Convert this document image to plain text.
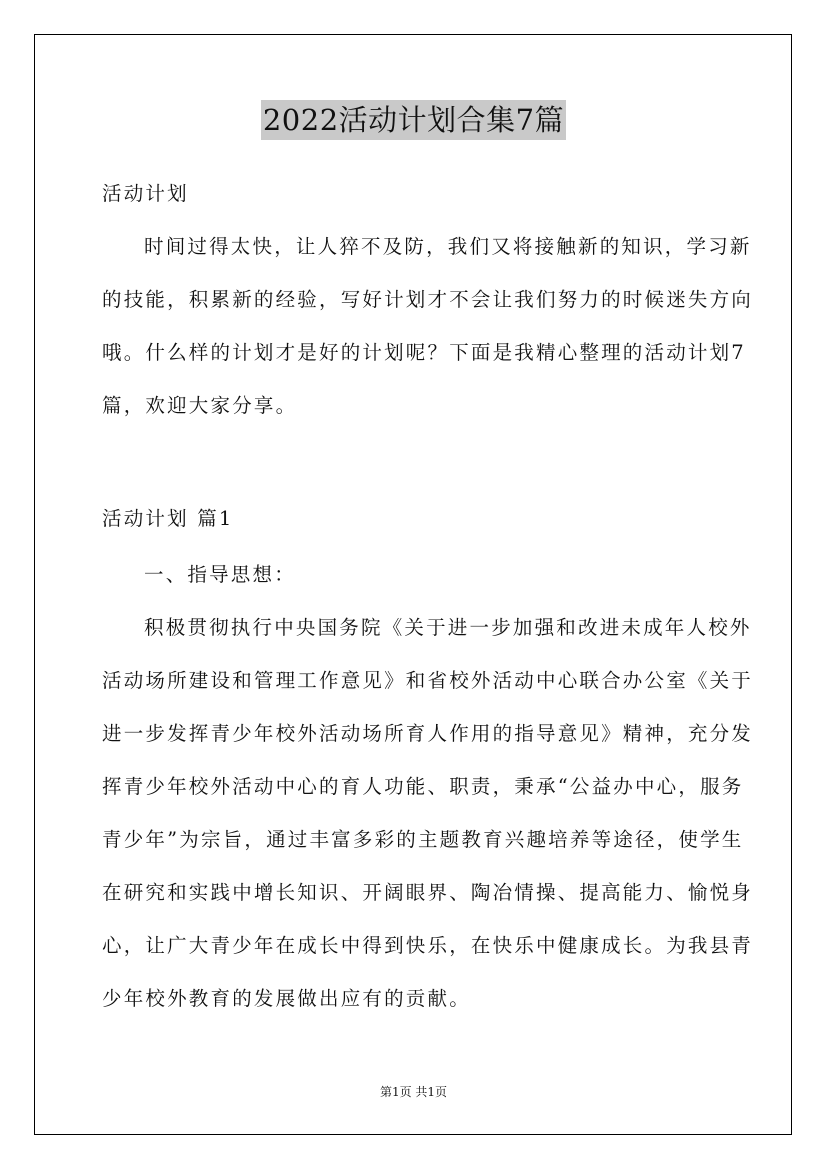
2022活动计划合集7篇
活动计划
时间过得太快，让人猝不及防，我们又将接触新的知识，学习新
的技能，积累新的经验，写好计划才不会让我们努力的时候迷失方向
哦。什么样的计划才是好的计划呢？下面是我精心整理的活动计划7
篇，欢迎大家分享。
活动计划 篇1
一、指导思想：
积极贯彻执行中央国务院《关于进一步加强和改进未成年人校外
活动场所建设和管理工作意见》和省校外活动中心联合办公室《关于
进一步发挥青少年校外活动场所育人作用的指导意见》精神，充分发
挥青少年校外活动中心的育人功能、职责，秉承“公益办中心，服务
青少年”为宗旨，通过丰富多彩的主题教育兴趣培养等途径，使学生
在研究和实践中增长知识、开阔眼界、陶冶情操、提高能力、愉悦身
心，让广大青少年在成长中得到快乐，在快乐中健康成长。为我县青
少年校外教育的发展做出应有的贡献。
第1页 共1页
